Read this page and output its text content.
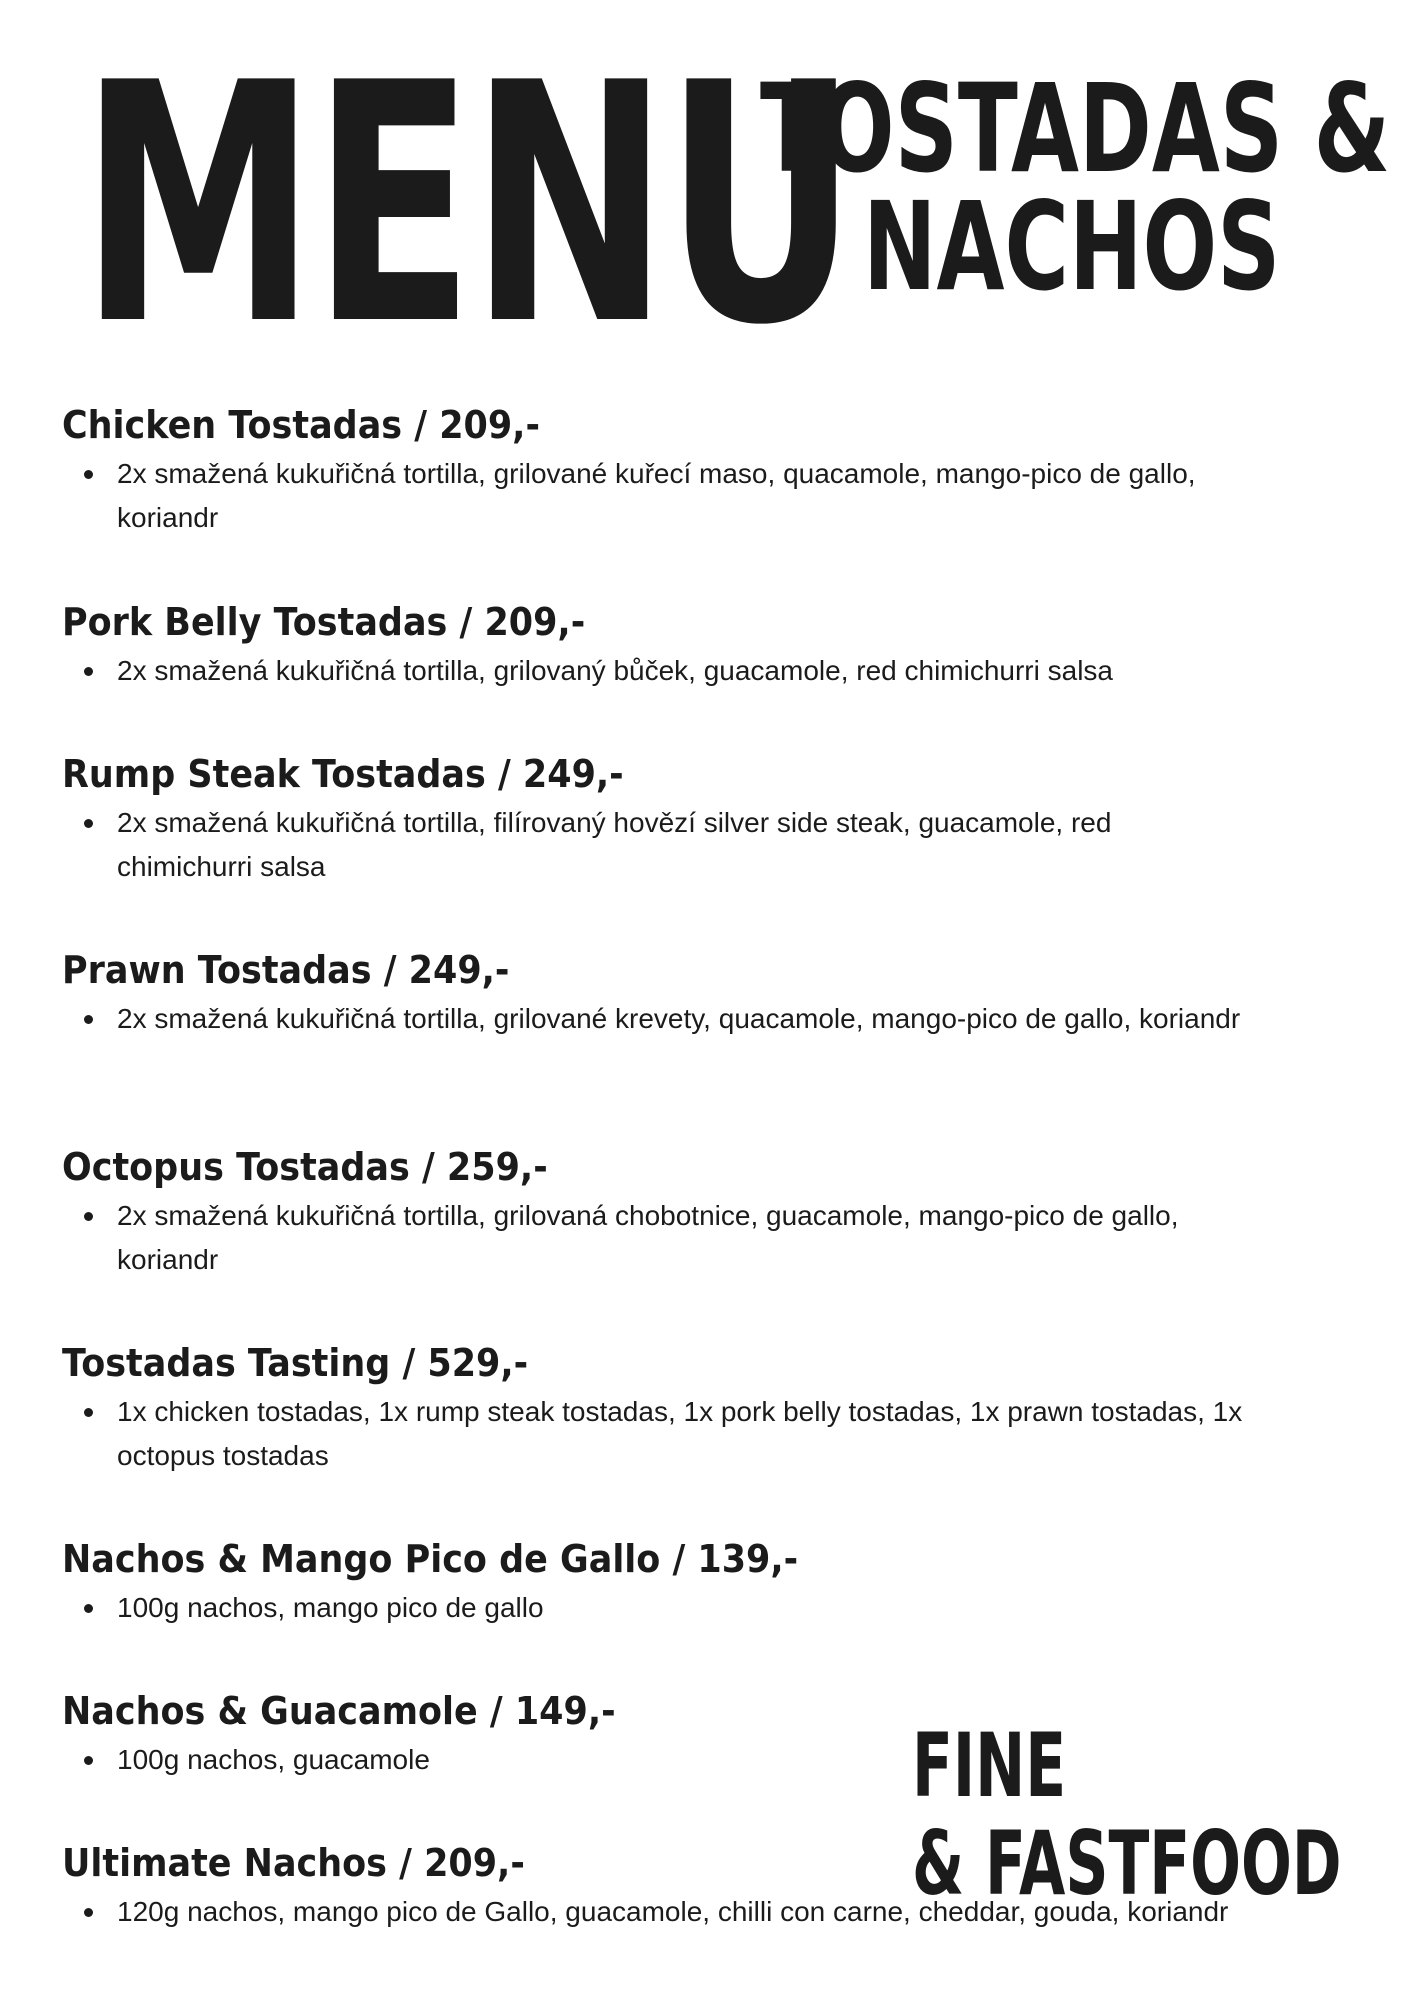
MENU
TOSTADAS &
NACHOS
Chicken Tostadas / 209,-
2x smažená kukuřičná tortilla, grilované kuřecí maso, quacamole, mango-pico de gallo, koriandr
Pork Belly Tostadas / 209,-
2x smažená kukuřičná tortilla, grilovaný bůček, guacamole, red chimichurri salsa
Rump Steak Tostadas / 249,-
2x smažená kukuřičná tortilla, filírovaný hovězí silver side steak, guacamole, red chimichurri salsa
Prawn Tostadas / 249,-
2x smažená kukuřičná tortilla, grilované krevety, quacamole, mango-pico de gallo, koriandr
Octopus Tostadas / 259,-
2x smažená kukuřičná tortilla, grilovaná chobotnice, guacamole, mango-pico de gallo, koriandr
Tostadas Tasting / 529,-
1x chicken tostadas, 1x rump steak tostadas, 1x pork belly tostadas, 1x prawn tostadas, 1x octopus tostadas
Nachos & Mango Pico de Gallo / 139,-
100g nachos, mango pico de gallo
Nachos & Guacamole / 149,-
100g nachos, guacamole
Ultimate Nachos / 209,-
120g nachos, mango pico de Gallo, guacamole, chilli con carne, cheddar, gouda, koriandr
FINE
& FASTFOOD
